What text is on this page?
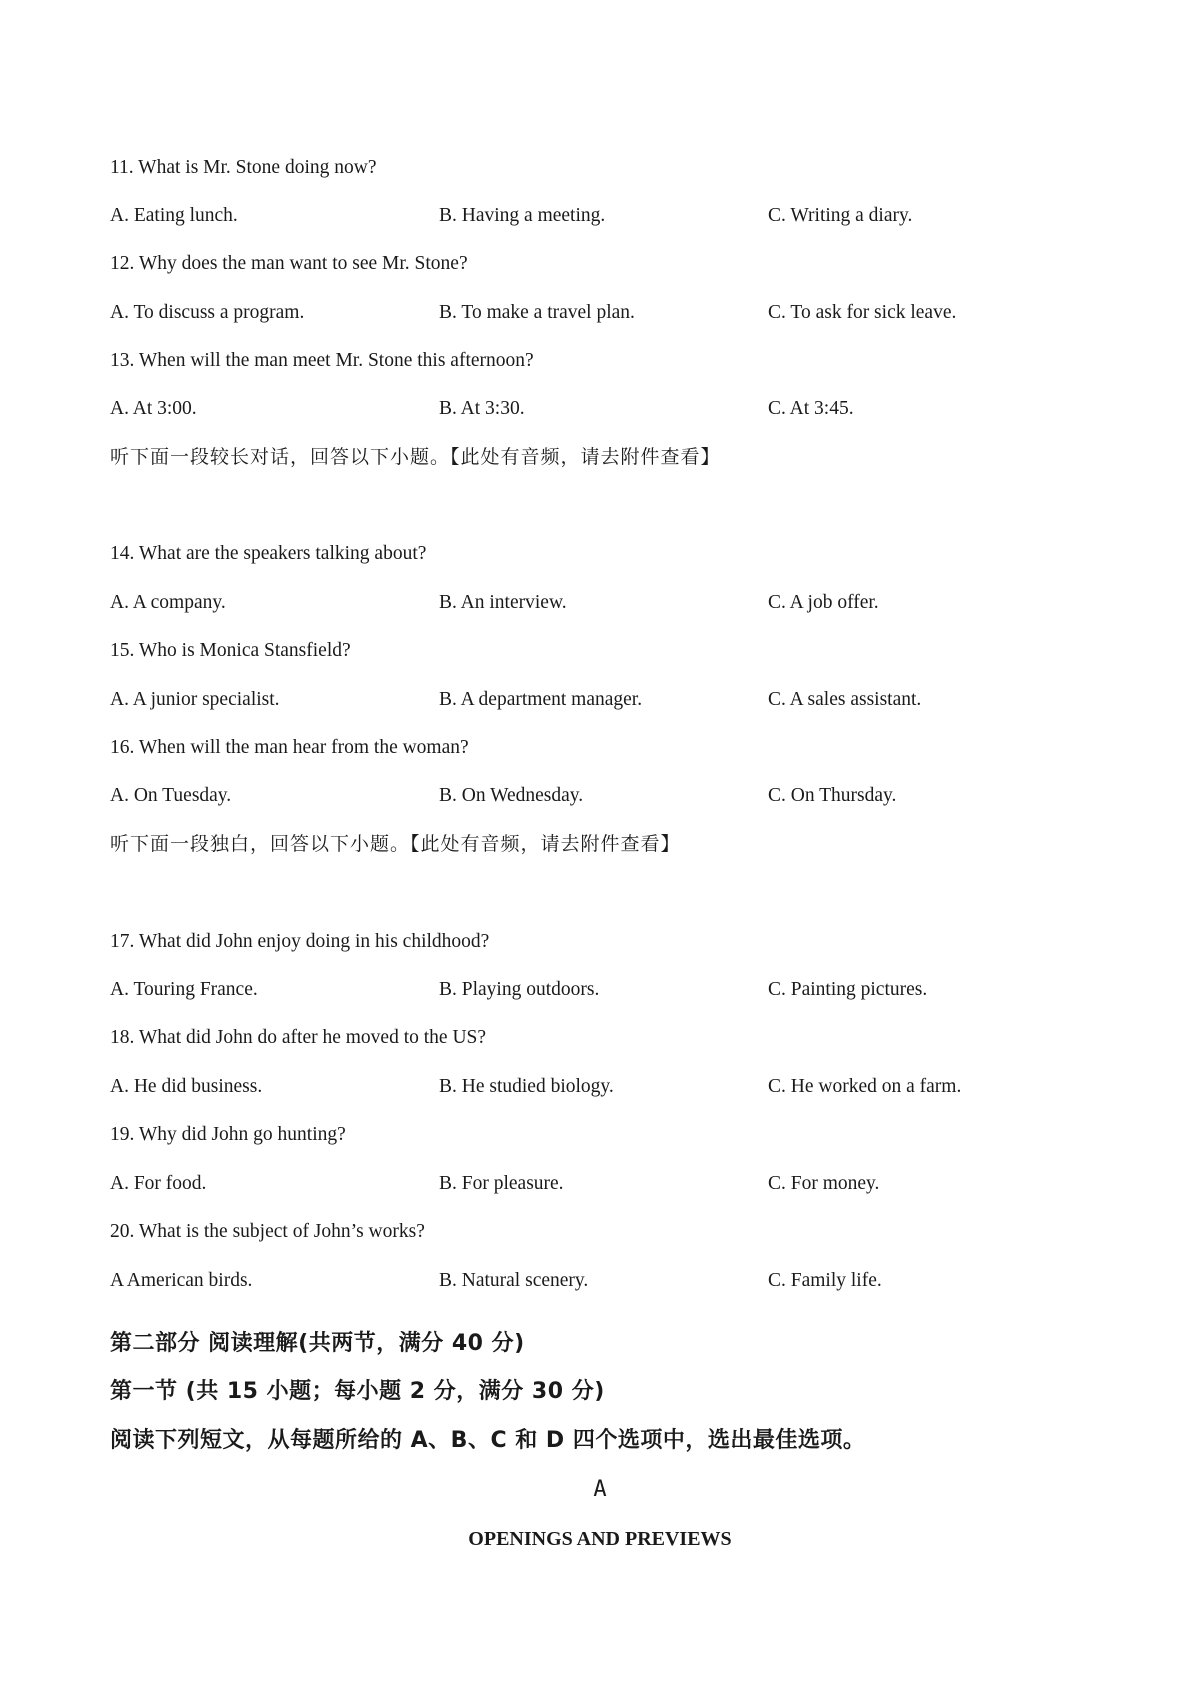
11. What is Mr. Stone doing now?
A. Eating lunch.	B. Having a meeting.	C. Writing a diary.
12. Why does the man want to see Mr. Stone?
A. To discuss a program.	B. To make a travel plan.	C. To ask for sick leave.
13. When will the man meet Mr. Stone this afternoon?
A. At 3:00.	B. At 3:30.	C. At 3:45.
听下面一段较长对话，回答以下小题。【此处有音频，请去附件查看】
14. What are the speakers talking about?
A. A company.	B. An interview.	C. A job offer.
15. Who is Monica Stansfield?
A. A junior specialist.	B. A department manager.	C. A sales assistant.
16. When will the man hear from the woman?
A. On Tuesday.	B. On Wednesday.	C. On Thursday.
听下面一段独白，回答以下小题。【此处有音频，请去附件查看】
17. What did John enjoy doing in his childhood?
A. Touring France.	B. Playing outdoors.	C. Painting pictures.
18. What did John do after he moved to the US?
A. He did business.	B. He studied biology.	C. He worked on a farm.
19. Why did John go hunting?
A. For food.	B. For pleasure.	C. For money.
20. What is the subject of John’s works?
A American birds.	B. Natural scenery.	C. Family life.
第二部分 阅读理解(共两节，满分 40 分)
第一节 (共 15 小题；每小题 2 分，满分 30 分)
阅读下列短文，从每题所给的 A、B、C 和 D 四个选项中，选出最佳选项。
A
OPENINGS AND PREVIEWS
